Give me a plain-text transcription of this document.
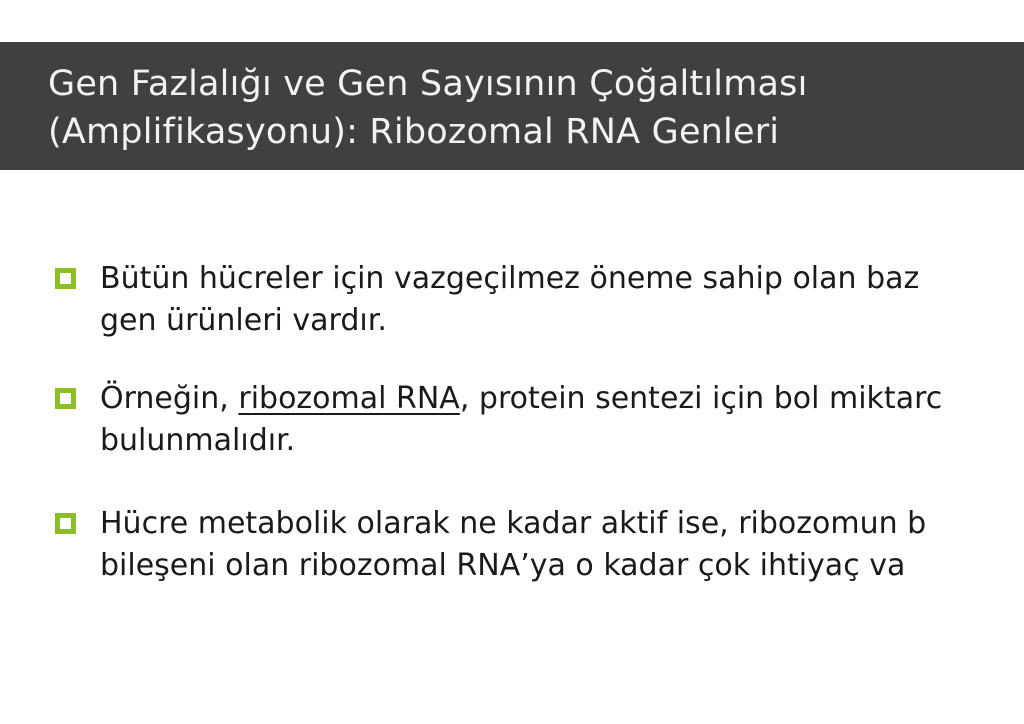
Gen Fazlalığı ve Gen Sayısının Çoğaltılması
(Amplifikasyonu): Ribozomal RNA Genleri
Bütün hücreler için vazgeçilmez öneme sahip olan baz
gen ürünleri vardır.
Örneğin, ribozomal RNA, protein sentezi için bol miktarc
bulunmalıdır.
Hücre metabolik olarak ne kadar aktif ise, ribozomun b
bileşeni olan ribozomal RNA’ya o kadar çok ihtiyaç va
